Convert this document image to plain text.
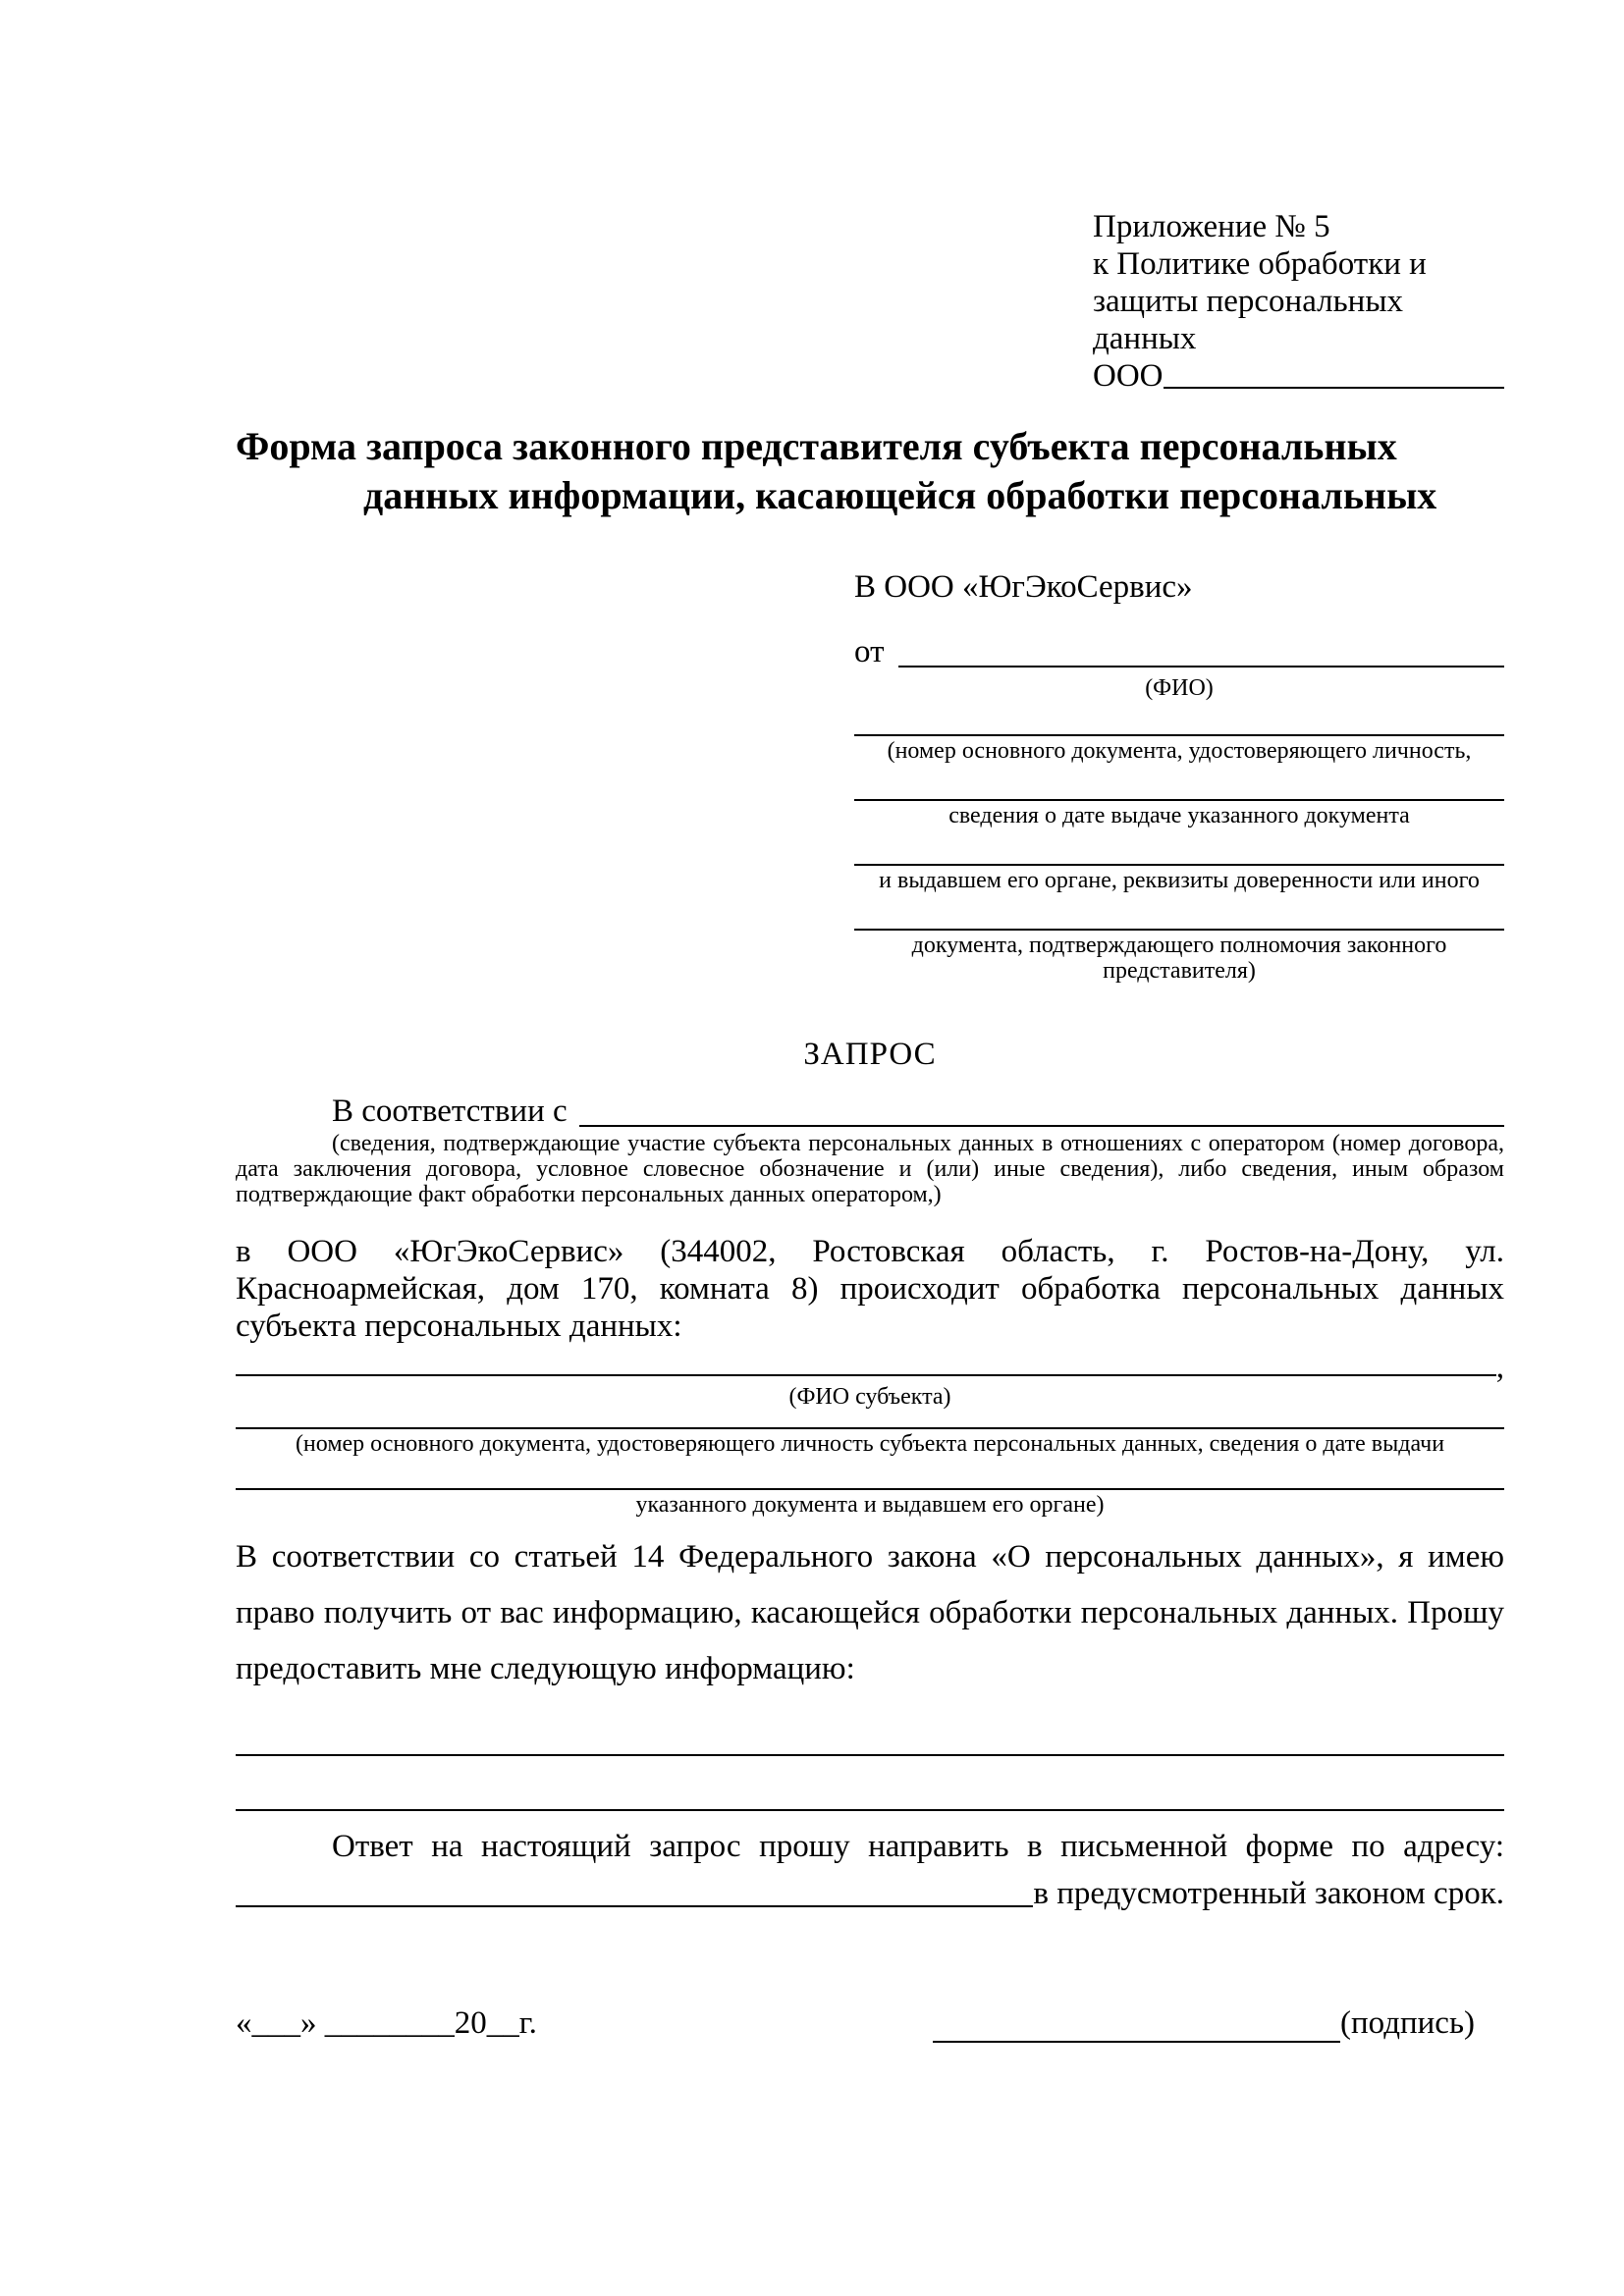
Приложение № 5
к Политике обработки и
защиты персональных данных
ООО
Форма запроса законного представителя субъекта персональных
данных информации, касающейся обработки персональных
В ООО «ЮгЭкоСервис»
от
(ФИО)
(номер основного документа, удостоверяющего личность,
сведения о дате выдаче указанного документа
и выдавшем его органе, реквизиты доверенности или иного
документа, подтверждающего полномочия законного представителя)
ЗАПРОС
В соответствии с
(сведения, подтверждающие участие субъекта персональных данных в отношениях с оператором (номер договора, дата заключения договора, условное словесное обозначение и (или) иные сведения), либо сведения, иным образом подтверждающие факт обработки персональных данных оператором,)

в ООО «ЮгЭкоСервис» (344002, Ростовская область, г. Ростов-на-Дону, ул. Красноармейская, дом 170, комната 8) происходит обработка персональных данных субъекта персональных данных:

,
(ФИО субъекта)
(номер основного документа, удостоверяющего личность субъекта персональных данных, сведения о дате выдачи
указанного документа и выдавшем его органе)

В соответствии со статьей 14 Федерального закона «О персональных данных», я имею право получить от вас информацию, касающейся обработки персональных данных. Прошу предоставить мне следующую информацию:

Ответ на настоящий запрос прошу направить в письменной форме по адресу:

в предусмотренный законом срок.
«___» ________20__г.	(подпись)
